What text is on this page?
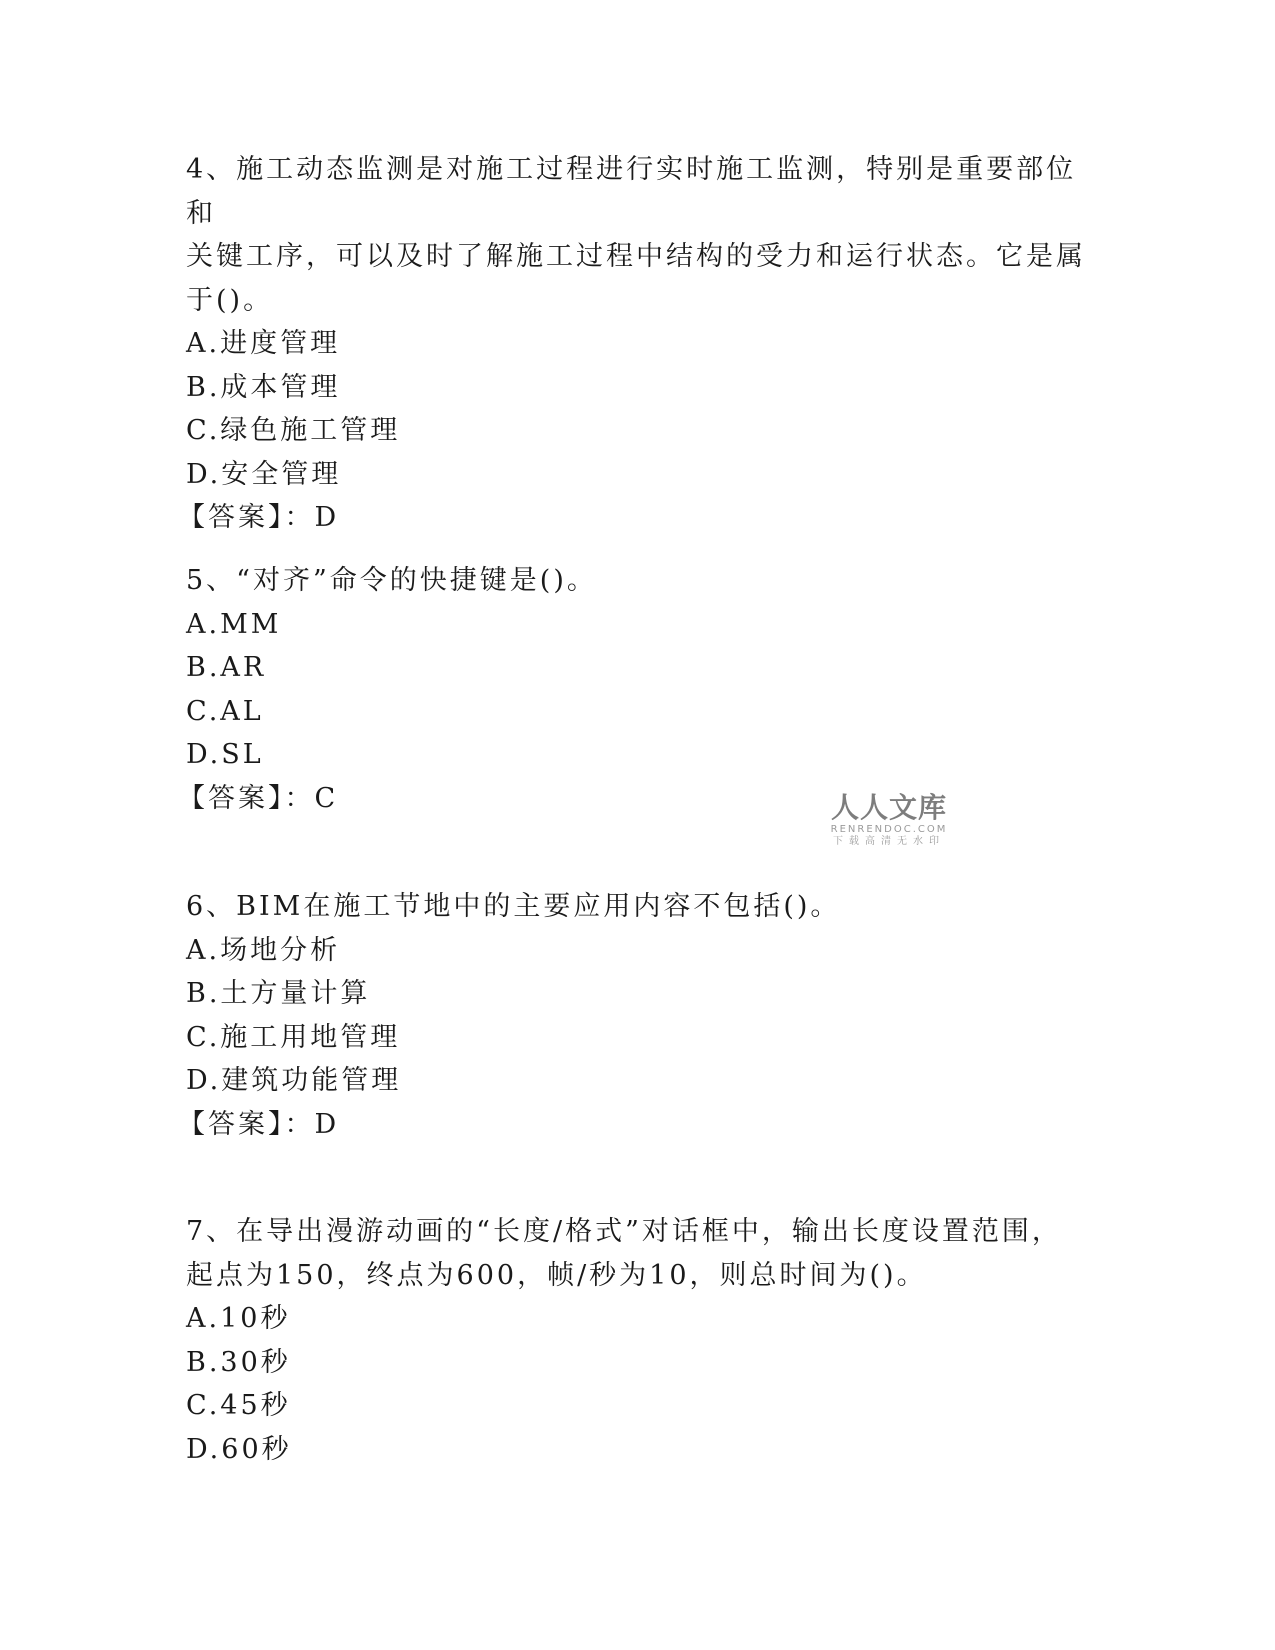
4、施工动态监测是对施工过程进行实时施工监测，特别是重要部位和

关键工序，可以及时了解施工过程中结构的受力和运行状态。它是属

于()。

A.进度管理

B.成本管理

C.绿色施工管理

D.安全管理

【答案】：D

5、“对齐”命令的快捷键是()。

A.MM

B.AR

C.AL

D.SL

【答案】：C

6、BIM在施工节地中的主要应用内容不包括()。

A.场地分析

B.土方量计算

C.施工用地管理

D.建筑功能管理

【答案】：D

7、在导出漫游动画的“长度/格式”对话框中，输出长度设置范围，

起点为150，终点为600，帧/秒为10，则总时间为()。

A.10秒

B.30秒

C.45秒

D.60秒

人人文库
RENRENDOC.COM
下载高清无水印
